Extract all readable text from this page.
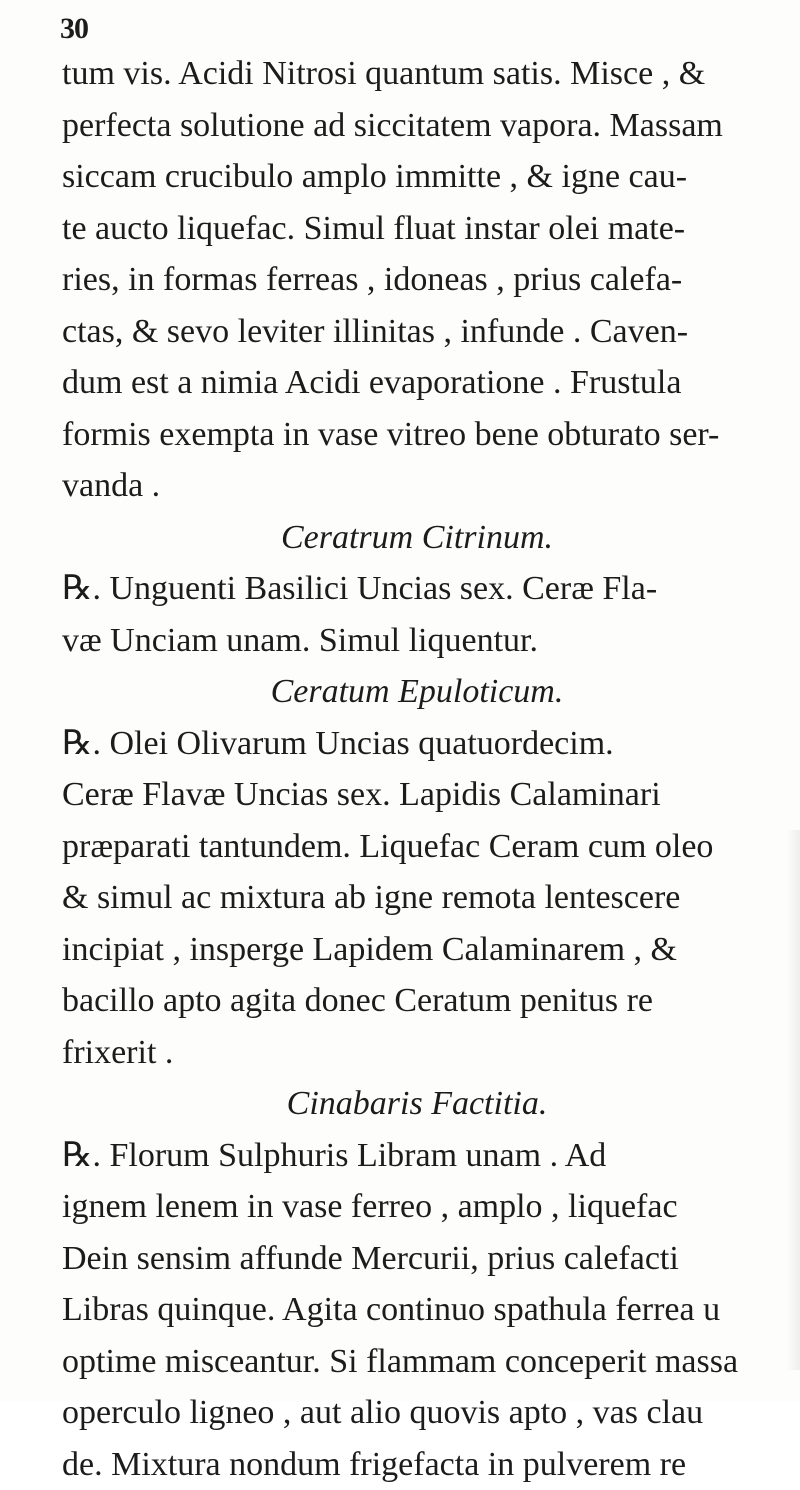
30
tum vis. Acidi Nitrosi quantum satis. Misce , &
perfecta solutione ad siccitatem vapora. Massam
siccam crucibulo amplo immitte , & igne cau-
te aucto liquefac. Simul fluat instar olei mate-
ries, in formas ferreas , idoneas , prius calefa-
ctas, & sevo leviter illinitas , infunde . Caven-
dum est a nimia Acidi evaporatione . Frustula
formis exempta in vase vitreo bene obturato ser-
vanda .
Ceratrum Citrinum.
℞. Unguenti Basilici Uncias sex. Ceræ Fla-
væ Unciam unam. Simul liquentur.
Ceratum Epuloticum.
℞. Olei Olivarum Uncias quatuordecim.
Ceræ Flavæ Uncias sex. Lapidis Calaminari
præparati tantundem. Liquefac Ceram cum oleo
& simul ac mixtura ab igne remota lentescere
incipiat , insperge Lapidem Calaminarem , &
bacillo apto agita donec Ceratum penitus re
frixerit .
Cinabaris Factitia.
℞. Florum Sulphuris Libram unam . Ad
ignem lenem in vase ferreo , amplo , liquefac
Dein sensim affunde Mercurii, prius calefacti
Libras quinque. Agita continuo spathula ferrea u
optime misceantur. Si flammam conceperit massa
operculo ligneo , aut alio quovis apto , vas clau
de. Mixtura nondum frigefacta in pulverem re
